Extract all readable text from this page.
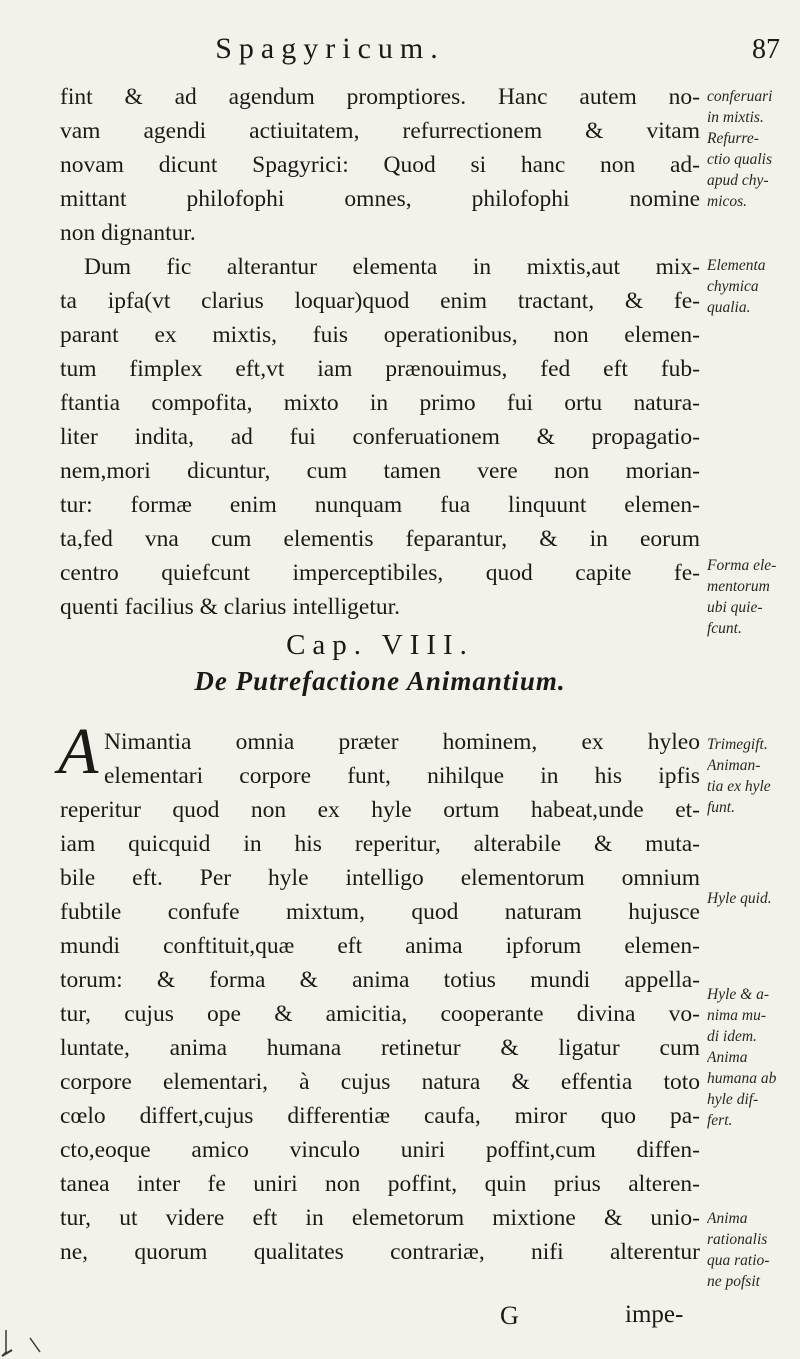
Spagyricum.	87
fint & ad agendum promptiores. Hanc autem no-
vam agendi actiuitatem, refurrectionem & vitam
novam dicunt Spagyrici: Quod si hanc non ad-
mittant philofophi omnes, philofophi nomine
non dignantur.
Dum fic alterantur elementa in mixtis,aut mix-
ta ipfa(vt clarius loquar)quod enim tractant, & fe-
parant ex mixtis, fuis operationibus, non elemen-
tum fimplex eft,vt iam prænouimus, fed eft fub-
ftantia compofita, mixto in primo fui ortu natura-
liter indita, ad fui conferuationem & propagatio-
nem,mori dicuntur, cum tamen vere non morian-
tur: formæ enim nunquam fua linquunt elemen-
ta,fed vna cum elementis feparantur, & in eorum
centro quiefcunt imperceptibiles, quod capite fe-
quenti facilius & clarius intelligetur.
Cap. VIII.
De Putrefactione Animantium.
A Nimantia omnia præter hominem, ex hyleo
elementari corpore funt, nihilque in his ipfis
reperitur quod non ex hyle ortum habeat,unde et-
iam quicquid in his reperitur, alterabile & muta-
bile eft. Per hyle intelligo elementorum omnium
fubtile confufe mixtum, quod naturam hujusce
mundi conftituit,quæ eft anima ipforum elemen-
torum: & forma & anima totius mundi appella-
tur, cujus ope & amicitia, cooperante divina vo-
luntate, anima humana retinetur & ligatur cum
corpore elementari, à cujus natura & effentia toto
cœlo differt,cujus differentiæ caufa, miror quo pa-
cto,eoque amico vinculo uniri poffint,cum diffen-
tanea inter fe uniri non poffint, quin prius alteren-
tur, ut videre eft in elemetorum mixtione & unio-
ne, quorum qualitates contrariæ, nifi alterentur
G	impe-
conferuari
in mixtis.
Refurre-
ctio qualis
apud chy-
micos.
Elementa
chymica
qualia.
Forma ele-
mentorum
ubi quie-
fcunt.
Trimegift.
Animan-
tia ex hyle
funt.
Hyle quid.
Hyle & a-
nima mu-
di idem.
Anima
humana ab
hyle dif-
fert.
Anima
rationalis
qua ratio-
ne pofsit
